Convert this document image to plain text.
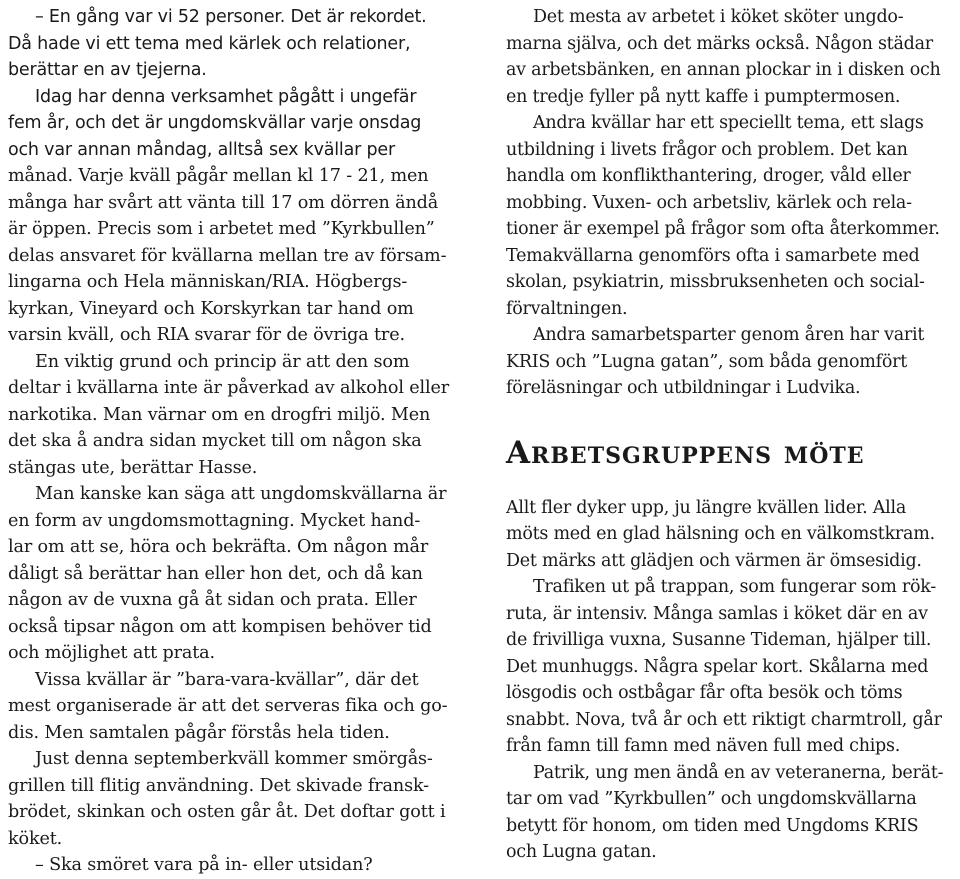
– En gång var vi 52 personer. Det är rekordet.
Då hade vi ett tema med kärlek och relationer,
berättar en av tjejerna.
Idag har denna verksamhet pågått i ungefär
fem år, och det är ungdomskvällar varje onsdag
och var annan måndag, alltså sex kvällar per
månad. Varje kväll pågår mellan kl 17 - 21, men
många har svårt att vänta till 17 om dörren ändå
är öppen. Precis som i arbetet med ”Kyrkbullen”
delas ansvaret för kvällarna mellan tre av försam-
lingarna och Hela människan/RIA. Högbergs-
kyrkan, Vineyard och Korskyrkan tar hand om
varsin kväll, och RIA svarar för de övriga tre.
En viktig grund och princip är att den som
deltar i kvällarna inte är påverkad av alkohol eller
narkotika. Man värnar om en drogfri miljö. Men
det ska å andra sidan mycket till om någon ska
stängas ute, berättar Hasse.
Man kanske kan säga att ungdomskvällarna är
en form av ungdomsmottagning. Mycket hand-
lar om att se, höra och bekräfta. Om någon mår
dåligt så berättar han eller hon det, och då kan
någon av de vuxna gå åt sidan och prata. Eller
också tipsar någon om att kompisen behöver tid
och möjlighet att prata.
Vissa kvällar är ”bara-vara-kvällar”, där det
mest organiserade är att det serveras fika och go-
dis. Men samtalen pågår förstås hela tiden.
Just denna septemberkväll kommer smörgås-
grillen till flitig användning. Det skivade fransk-
brödet, skinkan och osten går åt. Det doftar gott i
köket.
– Ska smöret vara på in- eller utsidan?
Det mesta av arbetet i köket sköter ungdo-
marna själva, och det märks också. Någon städar
av arbetsbänken, en annan plockar in i disken och
en tredje fyller på nytt kaffe i pumptermosen.
Andra kvällar har ett speciellt tema, ett slags
utbildning i livets frågor och problem. Det kan
handla om konflikthantering, droger, våld eller
mobbing. Vuxen- och arbetsliv, kärlek och rela-
tioner är exempel på frågor som ofta återkommer.
Temakvällarna genomförs ofta i samarbete med
skolan, psykiatrin, missbruksenheten och social-
förvaltningen.
Andra samarbetsparter genom åren har varit
KRIS och ”Lugna gatan”, som båda genomfört
föreläsningar och utbildningar i Ludvika.
Arbetsgruppens möte
Allt fler dyker upp, ju längre kvällen lider. Alla
möts med en glad hälsning och en välkomstkram.
Det märks att glädjen och värmen är ömsesidig.
Trafiken ut på trappan, som fungerar som rök-
ruta, är intensiv. Många samlas i köket där en av
de frivilliga vuxna, Susanne Tideman, hjälper till.
Det munhuggs. Några spelar kort. Skålarna med
lösgodis och ostbågar får ofta besök och töms
snabbt. Nova, två år och ett riktigt charmtroll, går
från famn till famn med näven full med chips.
Patrik, ung men ändå en av veteranerna, berät-
tar om vad ”Kyrkbullen” och ungdomskvällarna
betytt för honom, om tiden med Ungdoms KRIS
och Lugna gatan.
